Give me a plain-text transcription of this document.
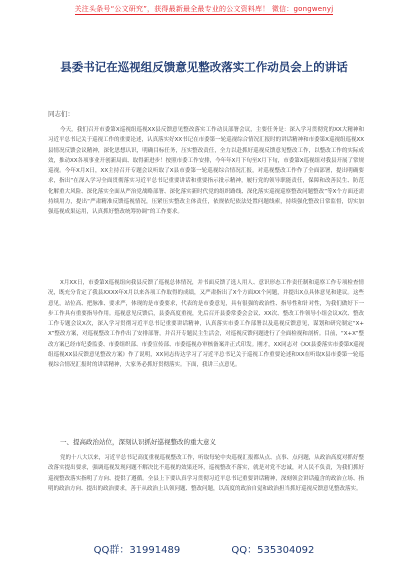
关注头条号“公文研究”，获得最新最全最专业的公文资料库！ 微信：gongwenyj
县委书记在巡视组反馈意见整改落实工作动员会上的讲话
同志们：

今天，我们召开市委第X巡视组巡视XX县反馈意见整改落实工作动员部署会议，主要任务是：深入学习贯彻党的XX大精神和习近平总书记关于巡视工作的重要论述，认真落实好XX书记在市委第一轮巡视综合情况汇报时的讲话精神和市委第X巡视组巡视XX县情况反馈会议精神，深化思想认识，明确目标任务，压实整改责任，全力以赴抓好巡视反馈意见整改工作，以整改工作的实际成效，推动XX各项事业开创新局面、取得新进步！按照市委工作安排，今年年X月下旬至X月下旬，市委第X巡视组对我县开展了常规巡视。今年X月X日，XX主持召开专题会议听取了X县市委第一轮巡视综合情况汇报，对巡视整改工作作了全面部署，提出明确要求，指出“在深入学习全面贯彻落实习近平总书记重要讲话和重要指示批示精神，履行党的领导职能责任，保障和改善民生、防范化解重大风险、深化落实全面从严治党战略部署、深化落实新时代党的组织路线、深化落实巡视巡察整改问题整改”等X个方面还需持续用力，提出“严肃精准反馈巡视情况，压紧压实整改主体责任，依规依纪依法处置问题线索，持续强化整改日常监督，切实加强巡视成果运用，认真抓好整改统筹协调”的工作要求。

X月XX日，市委第X巡视组向我县反馈了巡视总体情况，并书面反馈了选人用人、意识形态工作责任制和巡察工作专项检查情况，既充分肯定了我县XXXX年X月以来各项工作取得的成绩，又严肃指出了X个方面XX个问题，并提出X点具体意见和建议。这些意见，站位高、把脉准、要求严，体现的是市委要求，代表的是市委意见，具有很强的政治性、指导性和针对性，为我们做好下一步工作具有重要指导作用。巡视意见反馈后，县委高度重视，先后召开县委常委会会议、XX次、整改工作领导小组会议X次、整改工作专题会议X次，深入学习贯彻习近平总书记重要讲话精神，认真落实市委工作部署以及巡视反馈意见，谋划和研究制定“X+X”整改方案，对巡视整改工作作出了安排部署，并召开专题民主生活会，对巡视反馈问题进行了全面检视和剖析。目前，“X+X”整改方案已经市纪委监委、市委组织部、市委宣传部、市委巡视办审核备案并正式印发。刚才，XX同志对《XX县委落实市委第X巡视组巡视XX县反馈意见整改方案》作了说明，XX同志传达学习了习近平总书记关于巡视工作重要论述和XX在听取X县市委第一轮巡视综合情况汇报时的讲话精神，大家务必抓好贯彻落实。下面，我讲三点意见。

一、提高政治站位，深刻认识抓好巡视整改的重大意义

党的十八大以来，习近平总书记高度重视巡视整改工作，听取每轮中央巡视汇报都从点、点事、点问题，从政治高度对抓好整改落实提出要求，强调巡视发现问题不解决比不巡视的效果还坏，巡视整改不落实，就是对党不忠诚，对人民不负责，为我们抓好巡视整改落实指明了方向、提供了遵循。全县上下要认真学习贯彻习近平总书记重要讲话精神，深刻领会讲话蕴含的政治立场、指明的政治方向、提出的政治要求，善于从政治上认领问题、整改问题，以高度的政治自觉和政治担当抓好巡视反馈意见整改落实。

QQ群：31991489	QQ：535304092
